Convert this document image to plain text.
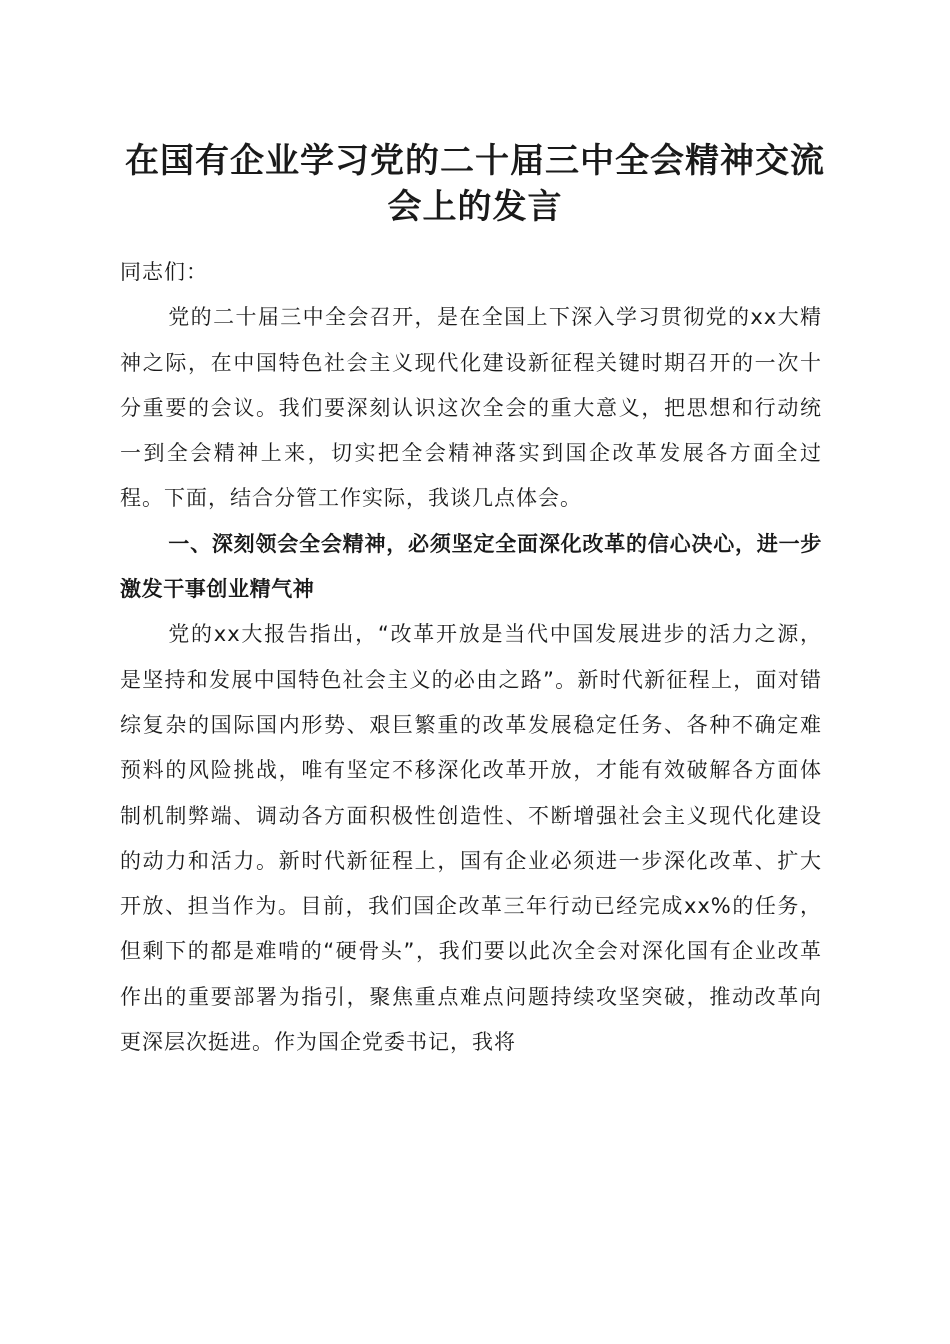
在国有企业学习党的二十届三中全会精神交流
会上的发言

同志们：

党的二十届三中全会召开，是在全国上下深入学习贯彻党的xx大精神之际，在中国特色社会主义现代化建设新征程关键时期召开的一次十分重要的会议。我们要深刻认识这次全会的重大意义，把思想和行动统一到全会精神上来，切实把全会精神落实到国企改革发展各方面全过程。下面，结合分管工作实际，我谈几点体会。

一、深刻领会全会精神，必须坚定全面深化改革的信心决心，进一步激发干事创业精气神

党的xx大报告指出，“改革开放是当代中国发展进步的活力之源，是坚持和发展中国特色社会主义的必由之路”。新时代新征程上，面对错综复杂的国际国内形势、艰巨繁重的改革发展稳定任务、各种不确定难预料的风险挑战，唯有坚定不移深化改革开放，才能有效破解各方面体制机制弊端、调动各方面积极性创造性、不断增强社会主义现代化建设的动力和活力。新时代新征程上，国有企业必须进一步深化改革、扩大开放、担当作为。目前，我们国企改革三年行动已经完成xx%的任务，但剩下的都是难啃的“硬骨头”，我们要以此次全会对深化国有企业改革作出的重要部署为指引，聚焦重点难点问题持续攻坚突破，推动改革向更深层次挺进。作为国企党委书记，我将
